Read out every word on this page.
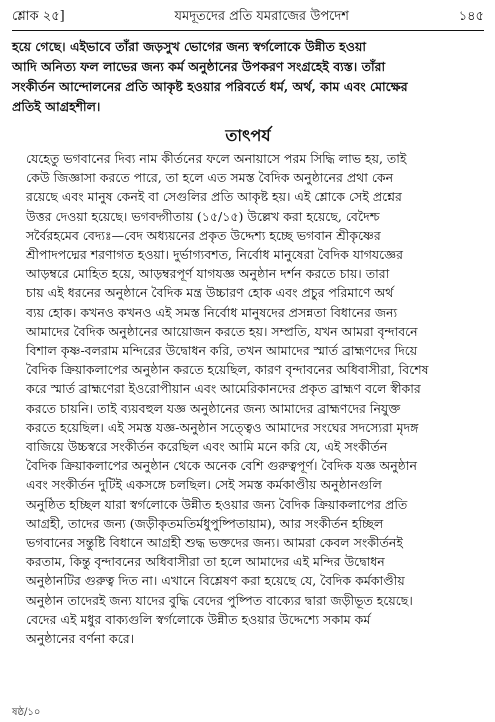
শ্লোক ২৫]	যমদূতদের প্রতি যমরাজের উপদেশ	১৪৫
হয়ে গেছে। এইভাবে তাঁরা জড়সুখ ভোগের জন্য স্বর্গলোকে উন্নীত হওয়া
আদি অনিত্য ফল লাভের জন্য কর্ম অনুষ্ঠানের উপকরণ সংগ্রহেই ব্যস্ত। তাঁরা
সংকীর্তন আন্দোলনের প্রতি আকৃষ্ট হওয়ার পরিবর্তে ধর্ম, অর্থ, কাম এবং মোক্ষের
প্রতিই আগ্রহশীল।
তাৎপর্য
যেহেতু ভগবানের দিব্য নাম কীর্তনের ফলে অনায়াসে পরম সিদ্ধি লাভ হয়, তাই
কেউ জিজ্ঞাসা করতে পারে, তা হলে এত সমস্ত বৈদিক অনুষ্ঠানের প্রথা কেন
রয়েছে এবং মানুষ কেনই বা সেগুলির প্রতি আকৃষ্ট হয়। এই শ্লোকে সেই প্রশ্নের
উত্তর দেওয়া হয়েছে। ভগবদ্গীতায় (১৫/১৫) উল্লেখ করা হয়েছে, বেদৈশ্চ
সর্বৈরহমেব বেদ্যঃ—বেদ অধ্যয়নের প্রকৃত উদ্দেশ্য হচ্ছে ভগবান শ্রীকৃষ্ণের
শ্রীপাদপদ্মের শরণাগত হওয়া। দুর্ভাগ্যবশত, নির্বোধ মানুষেরা বৈদিক যাগযজ্ঞের
আড়ম্বরে মোহিত হয়ে, আড়ম্বরপূর্ণ যাগযজ্ঞ অনুষ্ঠান দর্শন করতে চায়। তারা
চায় এই ধরনের অনুষ্ঠানে বৈদিক মন্ত্র উচ্চারণ হোক এবং প্রচুর পরিমাণে অর্থ
ব্যয় হোক। কখনও কখনও এই সমস্ত নির্বোধ মানুষদের প্রসন্নতা বিধানের জন্য
আমাদের বৈদিক অনুষ্ঠানের আয়োজন করতে হয়। সম্প্রতি, যখন আমরা বৃন্দাবনে
বিশাল কৃষ্ণ-বলরাম মন্দিরের উদ্বোধন করি, তখন আমাদের স্মার্ত ব্রাহ্মণদের দিয়ে
বৈদিক ক্রিয়াকলাপের অনুষ্ঠান করতে হয়েছিল, কারণ বৃন্দাবনের অধিবাসীরা, বিশেষ
করে স্মার্ত ব্রাহ্মণেরা ইওরোপীয়ান এবং আমেরিকানদের প্রকৃত ব্রাহ্মণ বলে স্বীকার
করতে চায়নি। তাই ব্যয়বহুল যজ্ঞ অনুষ্ঠানের জন্য আমাদের ব্রাহ্মণদের নিযুক্ত
করতে হয়েছিল। এই সমস্ত যজ্ঞ-অনুষ্ঠান সত্ত্বেও আমাদের সংঘের সদস্যেরা মৃদঙ্গ
বাজিয়ে উচ্চস্বরে সংকীর্তন করেছিল এবং আমি মনে করি যে, এই সংকীর্তন
বৈদিক ক্রিয়াকলাপের অনুষ্ঠান থেকে অনেক বেশি গুরুত্বপূর্ণ। বৈদিক যজ্ঞ অনুষ্ঠান
এবং সংকীর্তন দুটিই একসঙ্গে চলছিল। সেই সমস্ত কর্মকাণ্ডীয় অনুষ্ঠানগুলি
অনুষ্ঠিত হচ্ছিল যারা স্বর্গলোকে উন্নীত হওয়ার জন্য বৈদিক ক্রিয়াকলাপের প্রতি
আগ্রহী, তাদের জন্য (জড়ীকৃতমতির্মধুপুষ্পিতায়াম), আর সংকীর্তন হচ্ছিল
ভগবানের সন্তুষ্টি বিধানে আগ্রহী শুদ্ধ ভক্তদের জন্য। আমরা কেবল সংকীর্তনই
করতাম, কিন্তু বৃন্দাবনের অধিবাসীরা তা হলে আমাদের এই মন্দির উদ্বোধন
অনুষ্ঠানটির গুরুত্ব দিত না। এখানে বিশ্লেষণ করা হয়েছে যে, বৈদিক কর্মকাণ্ডীয়
অনুষ্ঠান তাদেরই জন্য যাদের বুদ্ধি বেদের পুষ্পিত বাক্যের দ্বারা জড়ীভূত হয়েছে।
বেদের এই মধুর বাক্যগুলি স্বর্গলোকে উন্নীত হওয়ার উদ্দেশ্যে সকাম কর্ম
অনুষ্ঠানের বর্ণনা করে।
ষষ্ঠ/১০
